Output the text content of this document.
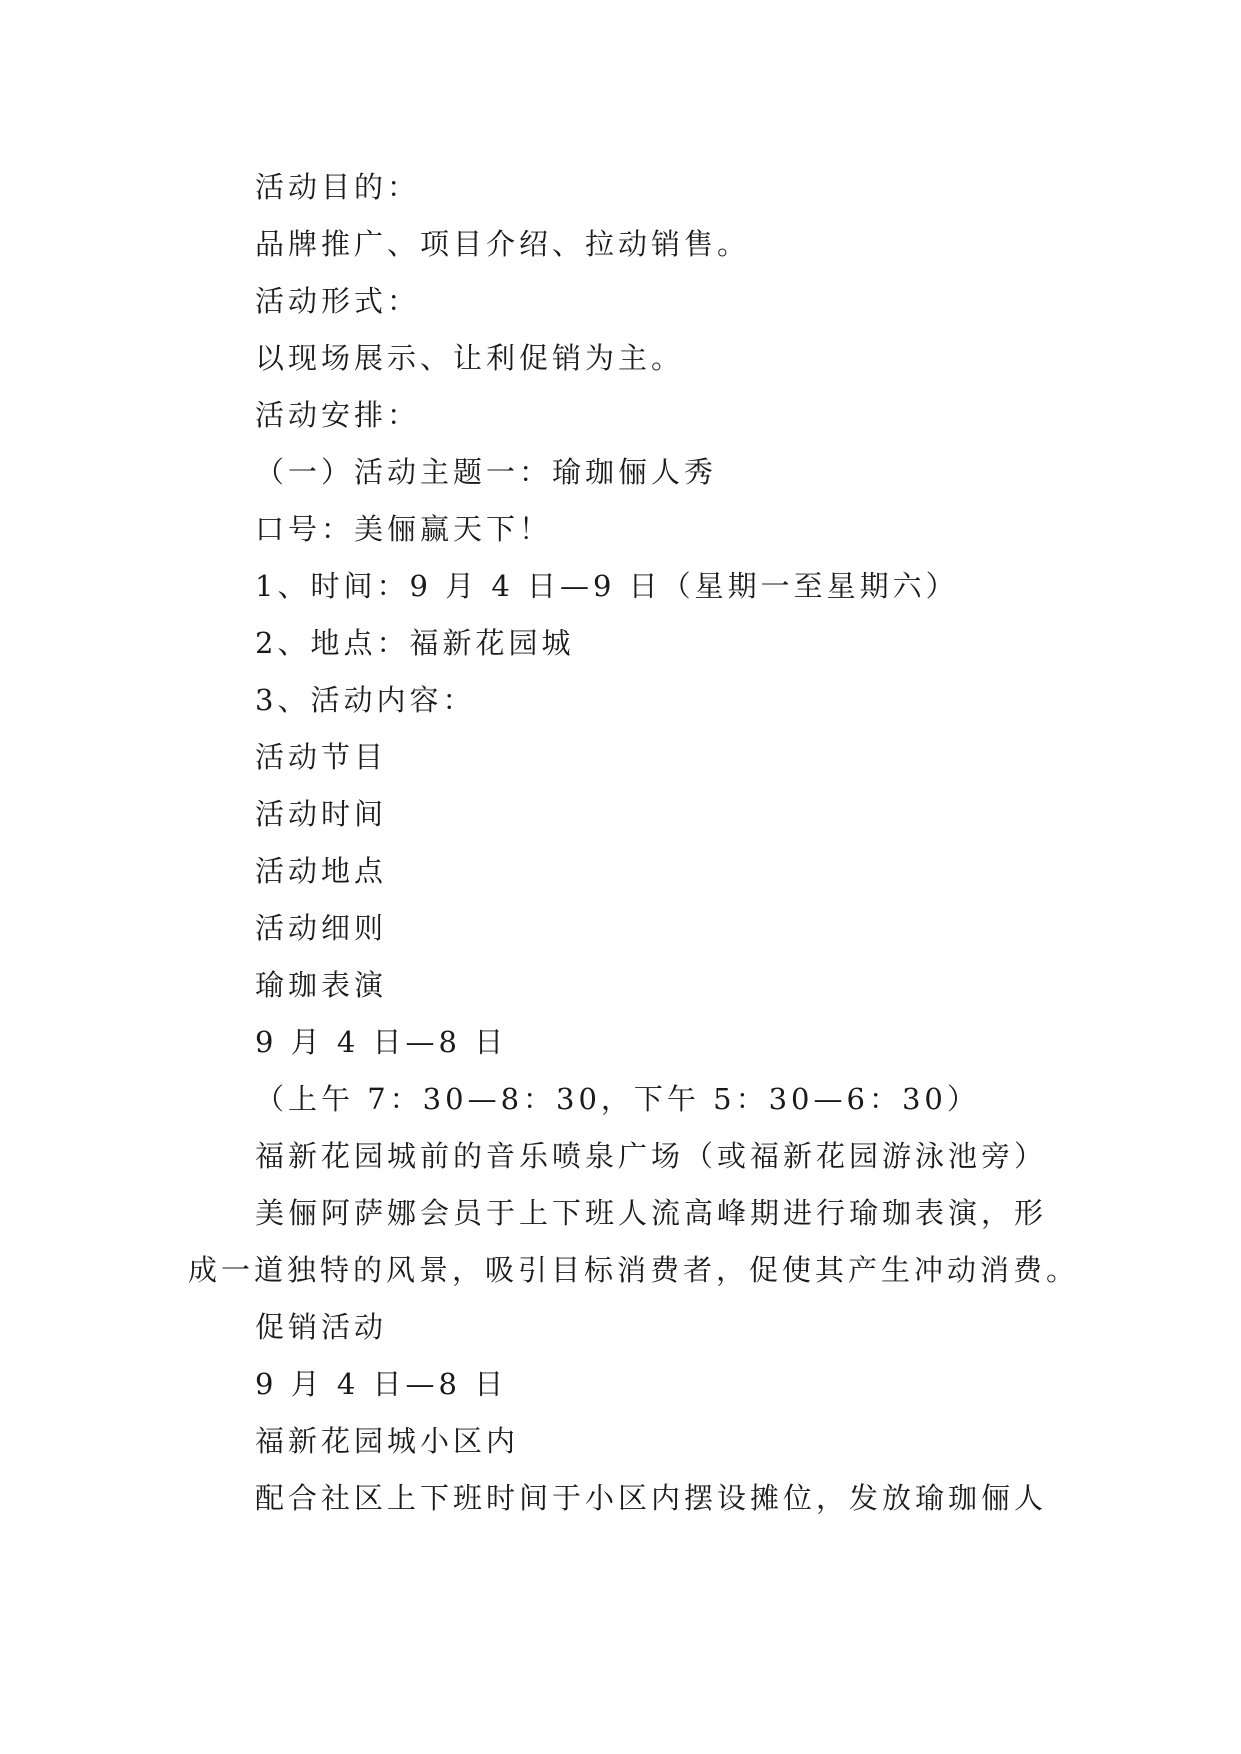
活动目的：
品牌推广、项目介绍、拉动销售。
活动形式：
以现场展示、让利促销为主。
活动安排：
（一）活动主题一：瑜珈俪人秀
口号：美俪赢天下！
1、时间：9 月 4 日—9 日（星期一至星期六）
2、地点：福新花园城
3、活动内容：
活动节目
活动时间
活动地点
活动细则
瑜珈表演
9 月 4 日—8 日
（上午 7：30—8：30，下午 5：30—6：30）
福新花园城前的音乐喷泉广场（或福新花园游泳池旁）
美俪阿萨娜会员于上下班人流高峰期进行瑜珈表演，形
成一道独特的风景，吸引目标消费者，促使其产生冲动消费。
促销活动
9 月 4 日—8 日
福新花园城小区内
配合社区上下班时间于小区内摆设摊位，发放瑜珈俪人
